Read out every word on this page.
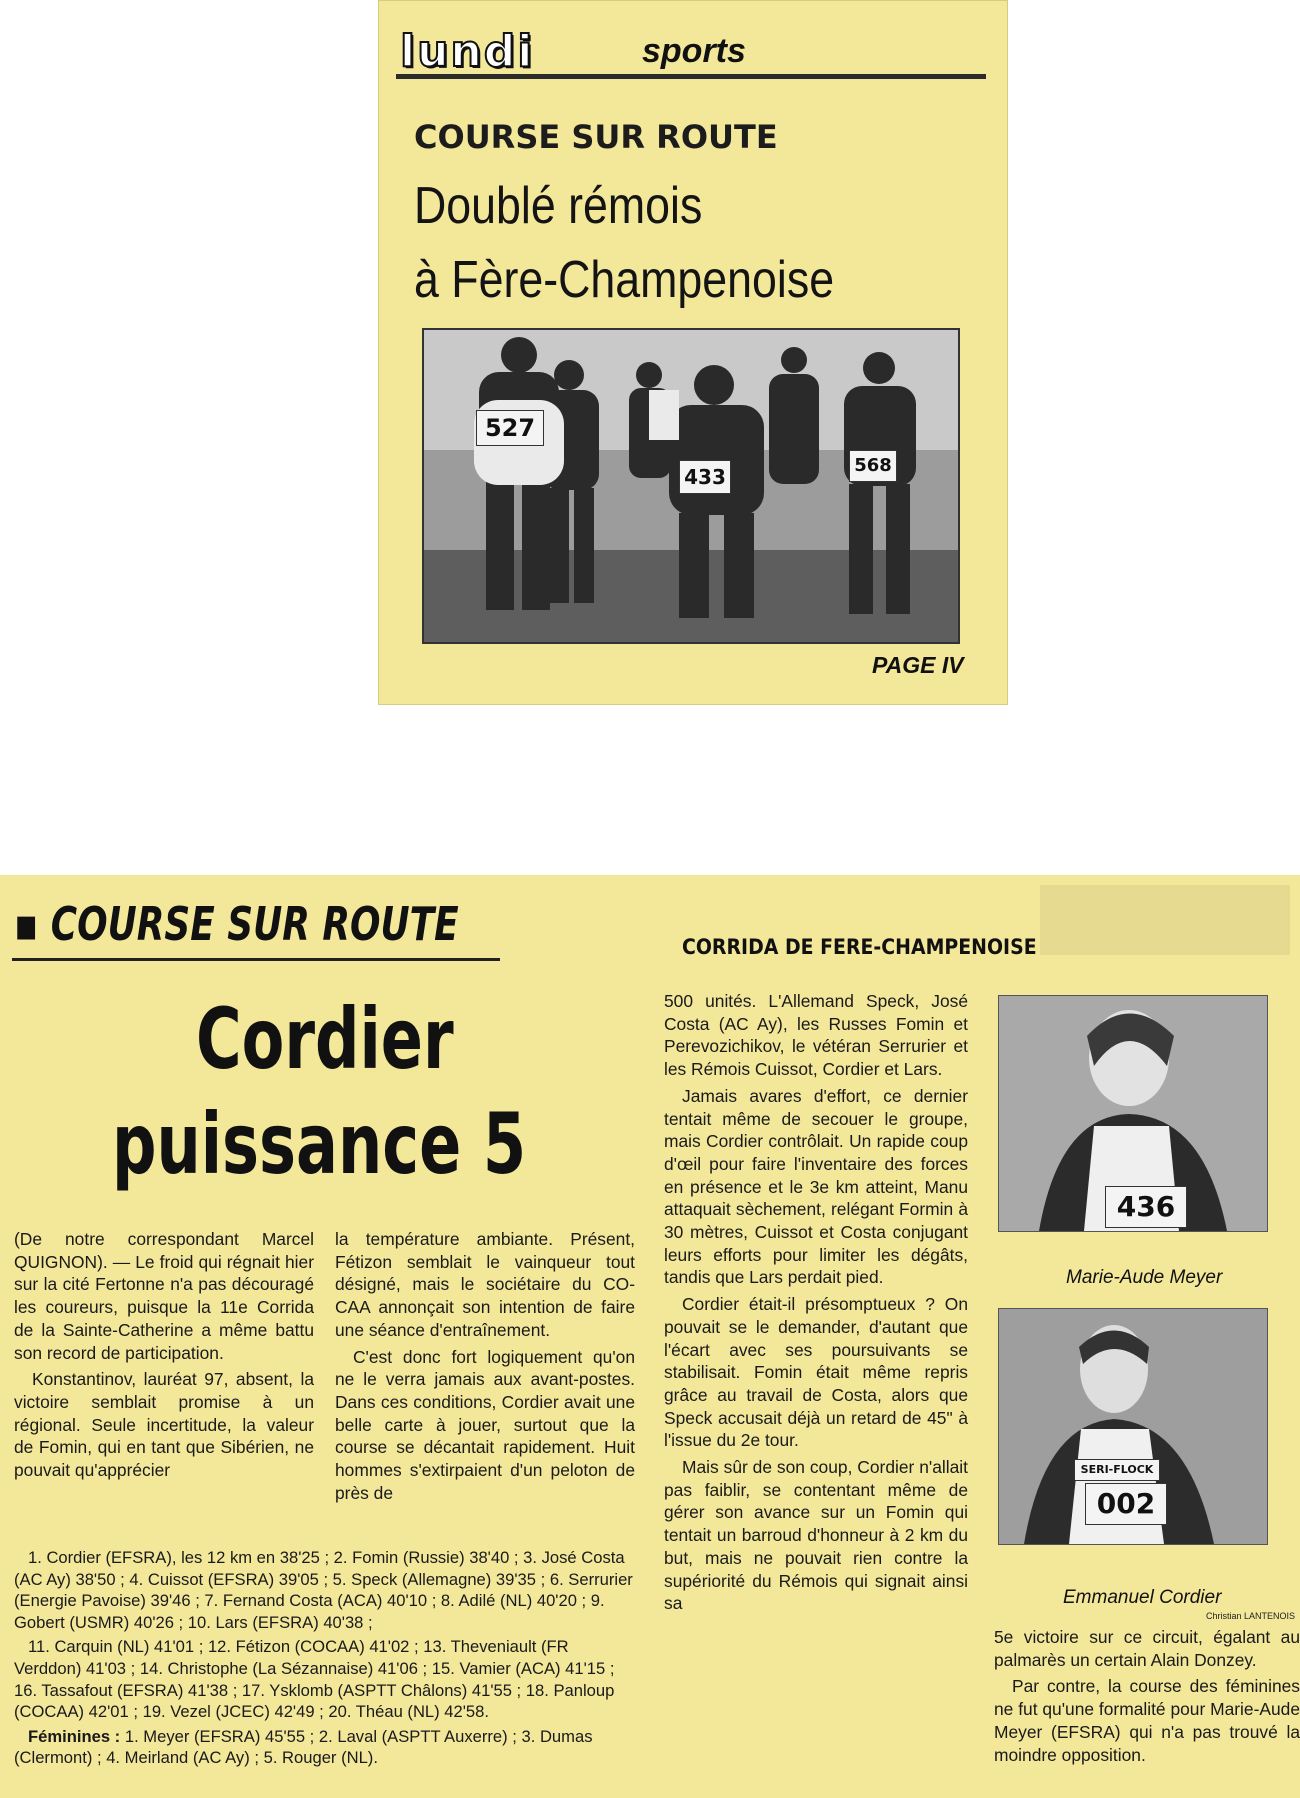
lundi	sports
COURSE SUR ROUTE
Doublé rémois
à Fère-Champenoise
527
433	568
PAGE IV
▪ COURSE SUR ROUTE
Cordier
puissance 5
CORRIDA DE FERE-CHAMPENOISE

(De notre correspondant Marcel QUIGNON). — Le froid qui régnait hier sur la cité Fertonne n'a pas découragé les coureurs, puisque la 11e Corrida de la Sainte-Catherine a même battu son record de participation.

Konstantinov, lauréat 97, absent, la victoire semblait promise à un régional. Seule incertitude, la valeur de Fomin, qui en tant que Sibérien, ne pouvait qu'apprécier

la température ambiante. Présent, Fétizon semblait le vainqueur tout désigné, mais le sociétaire du CO-CAA annonçait son intention de faire une séance d'entraînement.

C'est donc fort logiquement qu'on ne le verra jamais aux avant-postes. Dans ces conditions, Cordier avait une belle carte à jouer, surtout que la course se décantait rapidement. Huit hommes s'extirpaient d'un peloton de près de

1. Cordier (EFSRA), les 12 km en 38'25 ; 2. Fomin (Russie) 38'40 ; 3. José Costa (AC Ay) 38'50 ; 4. Cuissot (EFSRA) 39'05 ; 5. Speck (Allemagne) 39'35 ; 6. Serrurier (Energie Pavoise) 39'46 ; 7. Fernand Costa (ACA) 40'10 ; 8. Adilé (NL) 40'20 ; 9. Gobert (USMR) 40'26 ; 10. Lars (EFSRA) 40'38 ;

11. Carquin (NL) 41'01 ; 12. Fétizon (COCAA) 41'02 ; 13. Theveniault (FR Verddon) 41'03 ; 14. Christophe (La Sézannaise) 41'06 ; 15. Vamier (ACA) 41'15 ; 16. Tassafout (EFSRA) 41'38 ; 17. Ysklomb (ASPTT Châlons) 41'55 ; 18. Panloup (COCAA) 42'01 ; 19. Vezel (JCEC) 42'49 ; 20. Théau (NL) 42'58.

Féminines : 1. Meyer (EFSRA) 45'55 ; 2. Laval (ASPTT Auxerre) ; 3. Dumas (Clermont) ; 4. Meirland (AC Ay) ; 5. Rouger (NL).

500 unités. L'Allemand Speck, José Costa (AC Ay), les Russes Fomin et Perevozichikov, le vétéran Serrurier et les Rémois Cuissot, Cordier et Lars.

Jamais avares d'effort, ce dernier tentait même de secouer le groupe, mais Cordier contrôlait. Un rapide coup d'œil pour faire l'inventaire des forces en présence et le 3e km atteint, Manu attaquait sèchement, relégant Formin à 30 mètres, Cuissot et Costa conjugant leurs efforts pour limiter les dégâts, tandis que Lars perdait pied.

Cordier était-il présomptueux ? On pouvait se le demander, d'autant que l'écart avec ses poursuivants se stabilisait. Fomin était même repris grâce au travail de Costa, alors que Speck accusait déjà un retard de 45" à l'issue du 2e tour.

Mais sûr de son coup, Cordier n'allait pas faiblir, se contentant même de gérer son avance sur un Fomin qui tentait un barroud d'honneur à 2 km du but, mais ne pouvait rien contre la supériorité du Rémois qui signait ainsi sa

436
Marie-Aude Meyer
SERI-FLOCK
002
Emmanuel Cordier
Christian LANTENOIS

5e victoire sur ce circuit, égalant au palmarès un certain Alain Donzey.

Par contre, la course des féminines ne fut qu'une formalité pour Marie-Aude Meyer (EFSRA) qui n'a pas trouvé la moindre opposition.
